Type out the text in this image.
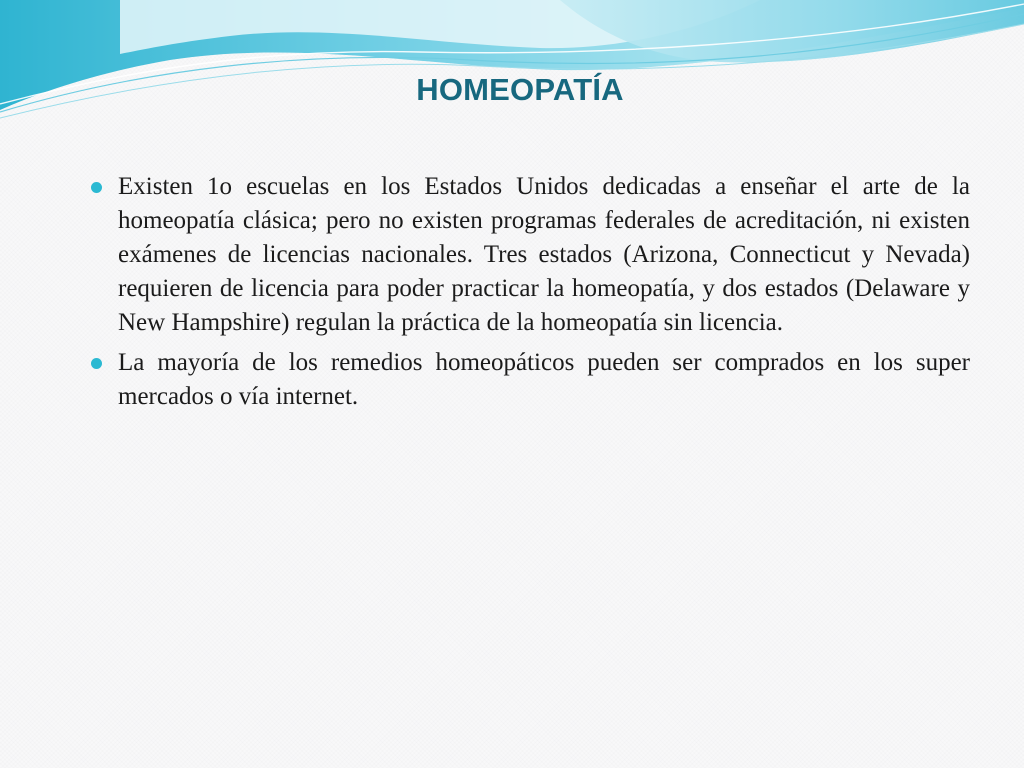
HOMEOPATÍA
Existen 1o escuelas en los Estados Unidos dedicadas a enseñar el arte de la homeopatía clásica; pero no existen programas federales de acreditación, ni existen exámenes de licencias nacionales. Tres estados (Arizona, Connecticut y Nevada) requieren de licencia para poder practicar la homeopatía, y dos estados (Delaware y New Hampshire) regulan la práctica de la homeopatía sin licencia.
La mayoría de los remedios homeopáticos pueden ser comprados en los super mercados o vía internet.
